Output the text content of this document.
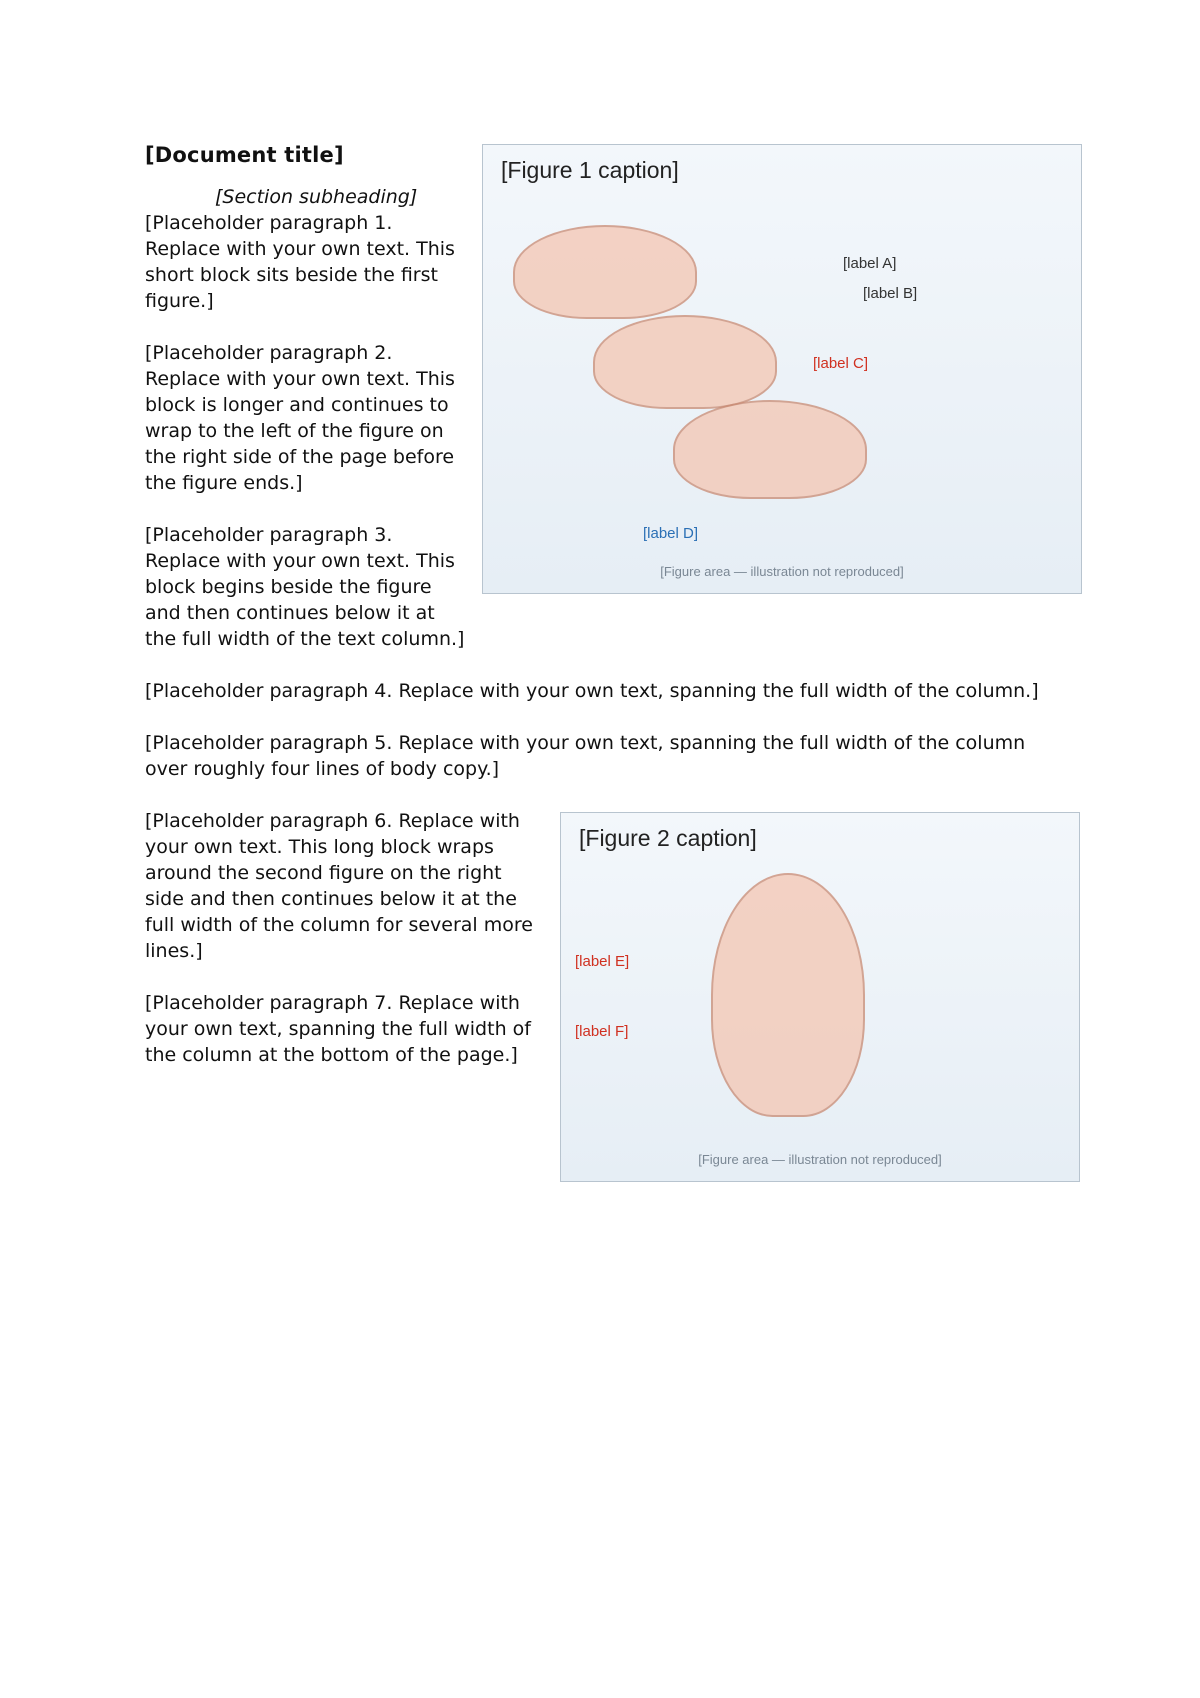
[Document title]
[Figure 1 caption]
[label A]
[label B]
[label C]
[label D]
[Figure area — illustration not reproduced]
[Section subheading]

[Placeholder paragraph 1. Replace with your own text. This short block sits beside the first figure.]

[Placeholder paragraph 2. Replace with your own text. This block is longer and continues to wrap to the left of the figure on the right side of the page before the figure ends.]

[Placeholder paragraph 3. Replace with your own text. This block begins beside the figure and then continues below it at the full width of the text column.]

[Placeholder paragraph 4. Replace with your own text, spanning the full width of the column.]

[Placeholder paragraph 5. Replace with your own text, spanning the full width of the column over roughly four lines of body copy.]

[Figure 2 caption]
[label E]
[label F]
[Figure area — illustration not reproduced]

[Placeholder paragraph 6. Replace with your own text. This long block wraps around the second figure on the right side and then continues below it at the full width of the column for several more lines.]

[Placeholder paragraph 7. Replace with your own text, spanning the full width of the column at the bottom of the page.]
